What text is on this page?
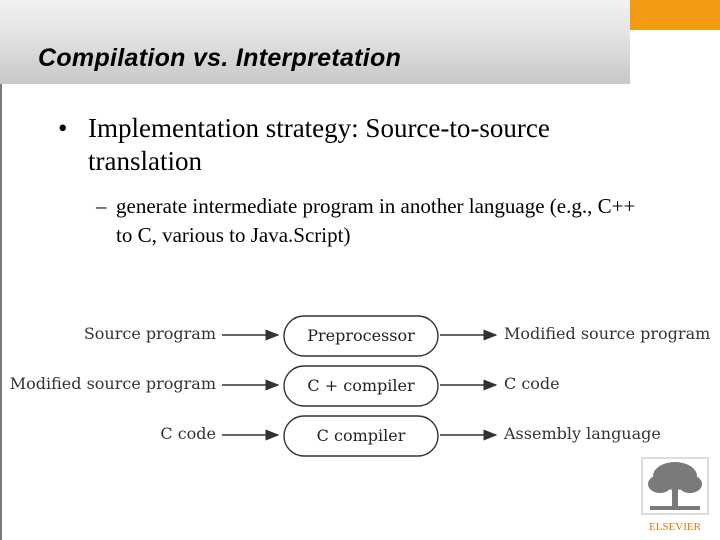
Compilation vs. Interpretation
• Implementation strategy: Source-to-source translation
– generate intermediate program in another language (e.g., C++ to C, various to Java.Script)
Source program	Preprocessor	Modified source program
Modified source program	C + compiler	C code
C code	C compiler	Assembly language
ELSEVIER
